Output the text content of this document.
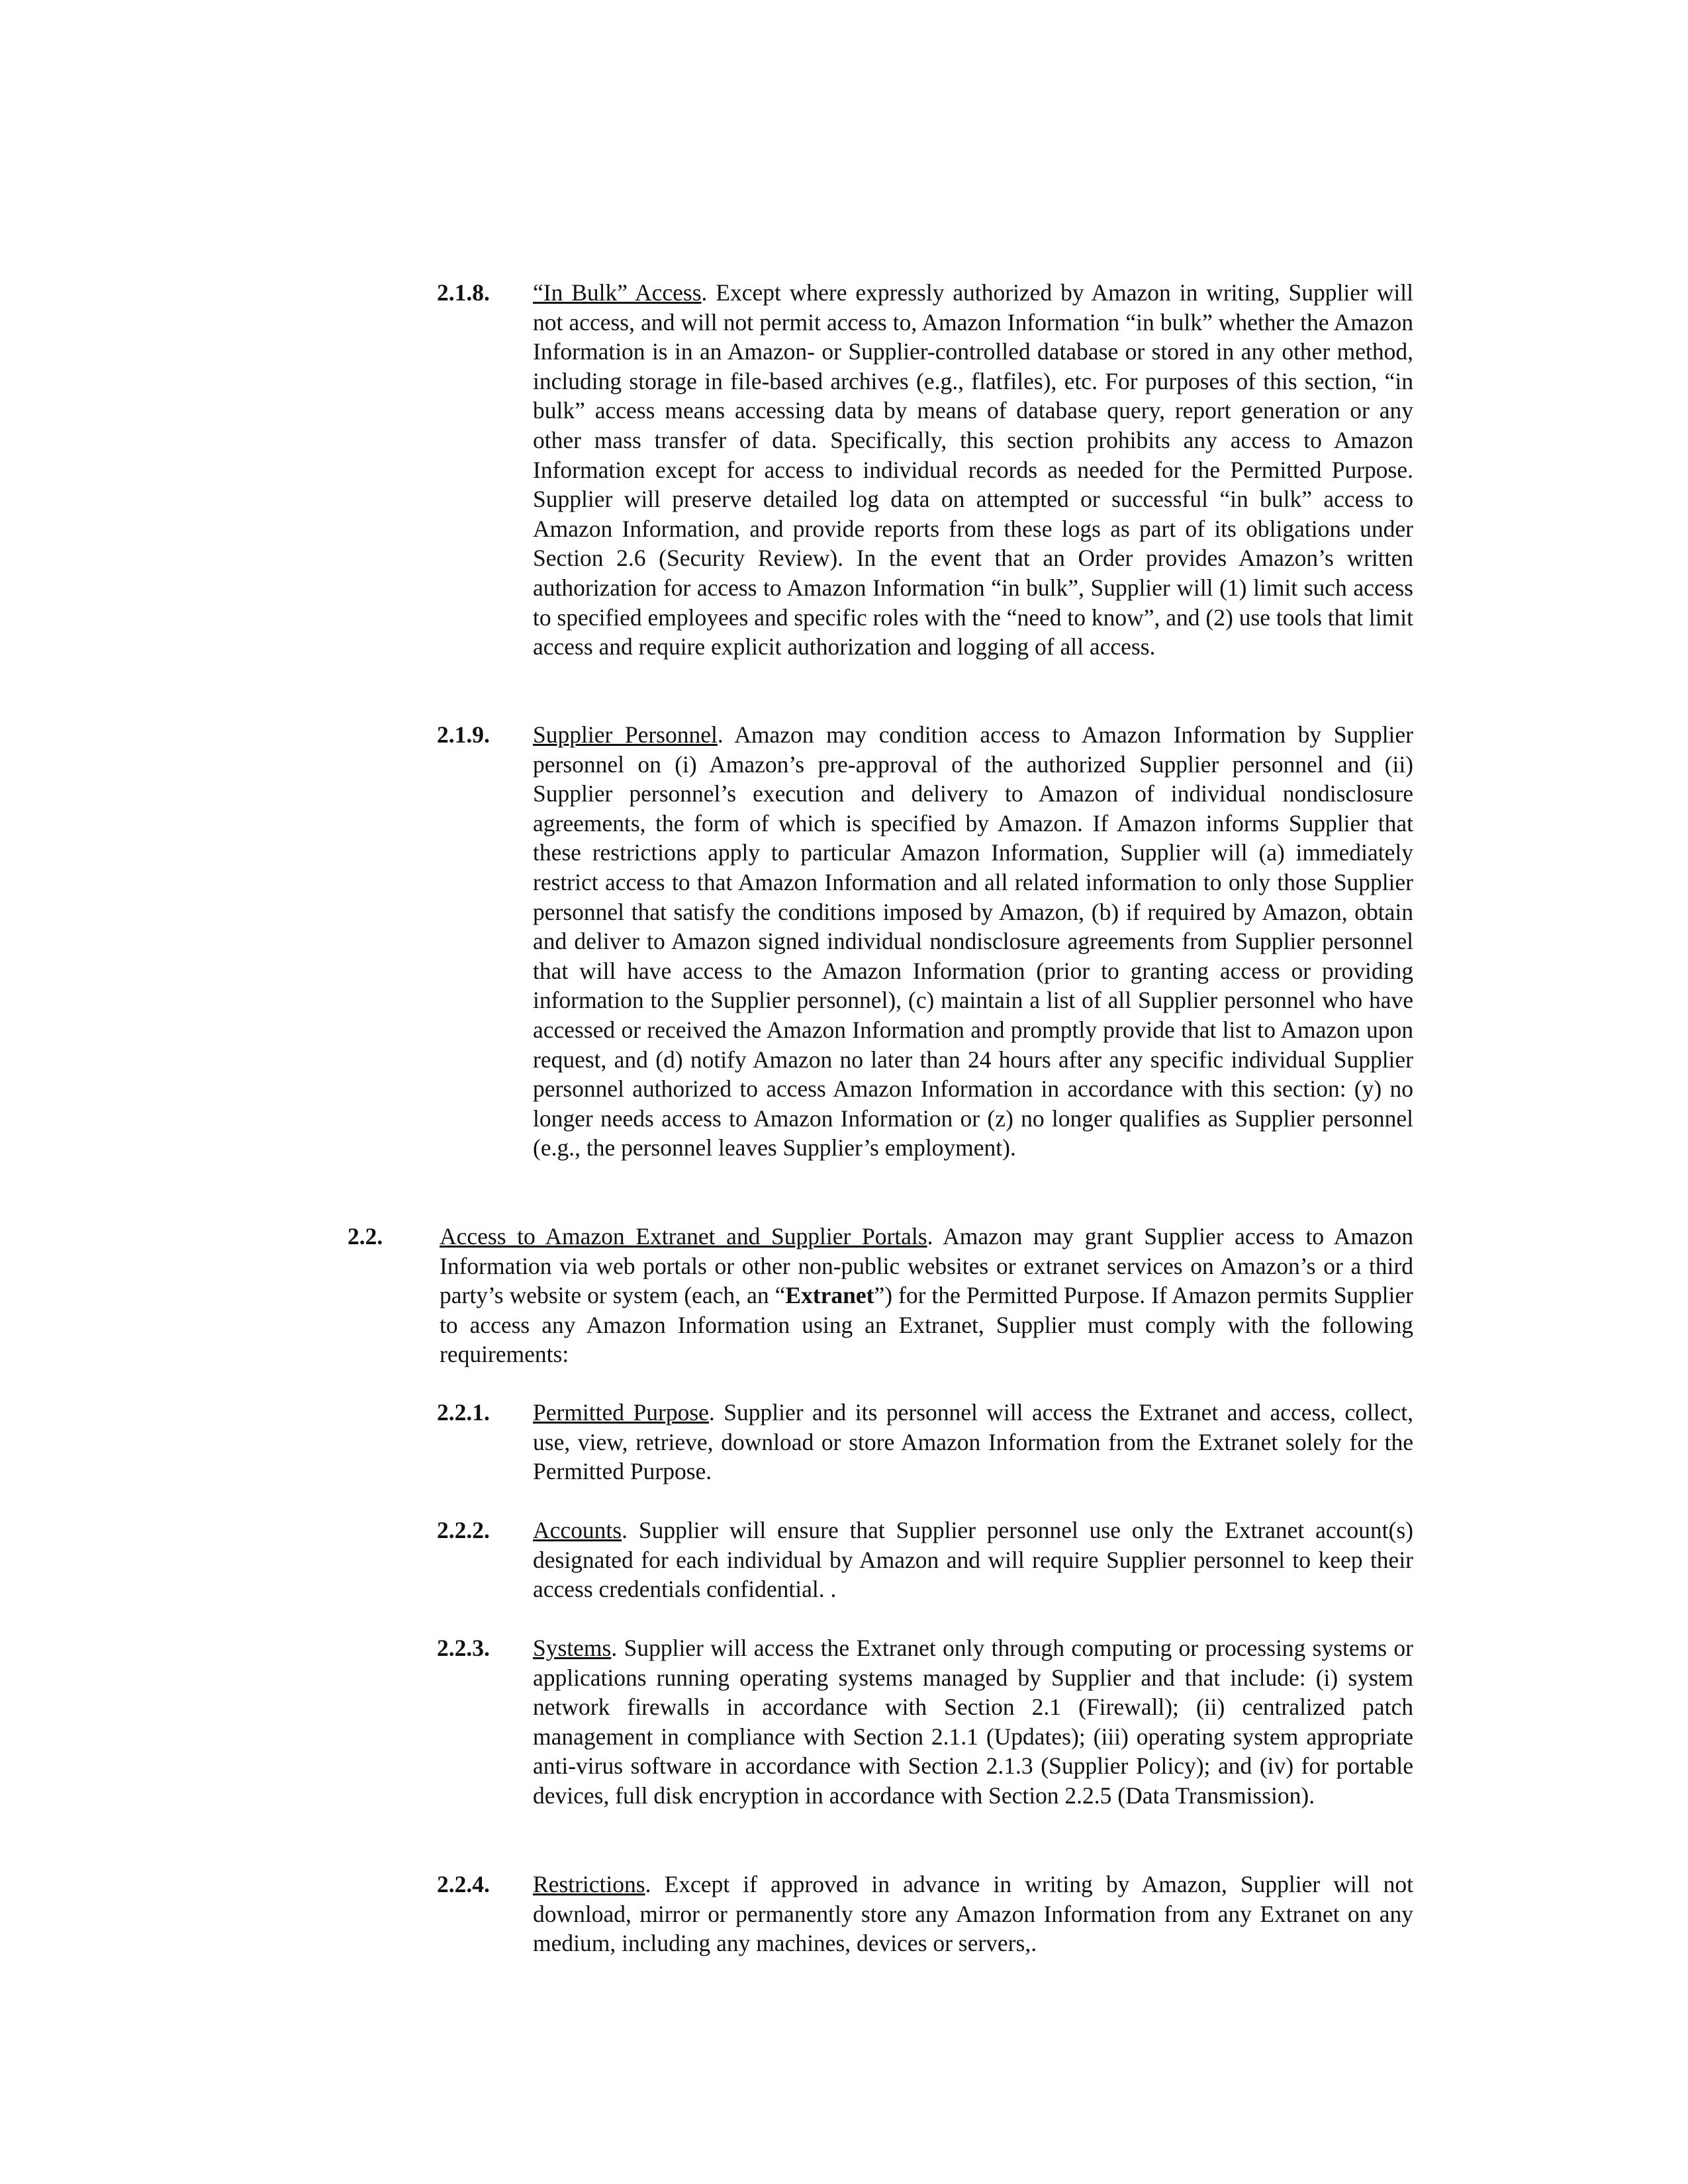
2.1.8. “In Bulk” Access. Except where expressly authorized by Amazon in writing, Supplier will not access, and will not permit access to, Amazon Information “in bulk” whether the Amazon Information is in an Amazon- or Supplier-controlled database or stored in any other method, including storage in file-based archives (e.g., flatfiles), etc. For purposes of this section, “in bulk” access means accessing data by means of database query, report generation or any other mass transfer of data. Specifically, this section prohibits any access to Amazon Information except for access to individual records as needed for the Permitted Purpose. Supplier will preserve detailed log data on attempted or successful “in bulk” access to Amazon Information, and provide reports from these logs as part of its obligations under Section 2.6 (Security Review). In the event that an Order provides Amazon’s written authorization for access to Amazon Information “in bulk”, Supplier will (1) limit such access to specified employees and specific roles with the “need to know”, and (2) use tools that limit access and require explicit authorization and logging of all access.

2.1.9. Supplier Personnel. Amazon may condition access to Amazon Information by Supplier personnel on (i) Amazon’s pre-approval of the authorized Supplier personnel and (ii) Supplier personnel’s execution and delivery to Amazon of individual nondisclosure agreements, the form of which is specified by Amazon. If Amazon informs Supplier that these restrictions apply to particular Amazon Information, Supplier will (a) immediately restrict access to that Amazon Information and all related information to only those Supplier personnel that satisfy the conditions imposed by Amazon, (b) if required by Amazon, obtain and deliver to Amazon signed individual nondisclosure agreements from Supplier personnel that will have access to the Amazon Information (prior to granting access or providing information to the Supplier personnel), (c) maintain a list of all Supplier personnel who have accessed or received the Amazon Information and promptly provide that list to Amazon upon request, and (d) notify Amazon no later than 24 hours after any specific individual Supplier personnel authorized to access Amazon Information in accordance with this section: (y) no longer needs access to Amazon Information or (z) no longer qualifies as Supplier personnel (e.g., the personnel leaves Supplier’s employment).

2.2. Access to Amazon Extranet and Supplier Portals. Amazon may grant Supplier access to Amazon Information via web portals or other non-public websites or extranet services on Amazon’s or a third party’s website or system (each, an “Extranet”) for the Permitted Purpose. If Amazon permits Supplier to access any Amazon Information using an Extranet, Supplier must comply with the following requirements:

2.2.1. Permitted Purpose. Supplier and its personnel will access the Extranet and access, collect, use, view, retrieve, download or store Amazon Information from the Extranet solely for the Permitted Purpose.

2.2.2. Accounts. Supplier will ensure that Supplier personnel use only the Extranet account(s) designated for each individual by Amazon and will require Supplier personnel to keep their access credentials confidential. .

2.2.3. Systems. Supplier will access the Extranet only through computing or processing systems or applications running operating systems managed by Supplier and that include: (i) system network firewalls in accordance with Section 2.1 (Firewall); (ii) centralized patch management in compliance with Section 2.1.1 (Updates); (iii) operating system appropriate anti-virus software in accordance with Section 2.1.3 (Supplier Policy); and (iv) for portable devices, full disk encryption in accordance with Section 2.2.5 (Data Transmission).

2.2.4. Restrictions. Except if approved in advance in writing by Amazon, Supplier will not download, mirror or permanently store any Amazon Information from any Extranet on any medium, including any machines, devices or servers,.
